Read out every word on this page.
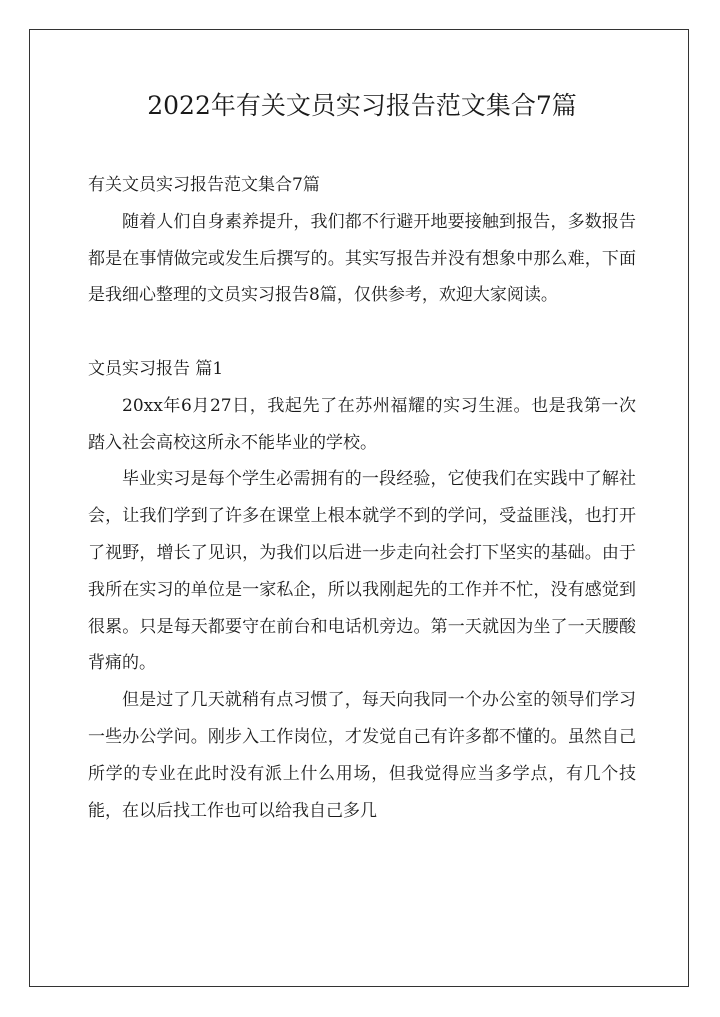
2022年有关文员实习报告范文集合7篇

有关文员实习报告范文集合7篇

随着人们自身素养提升，我们都不行避开地要接触到报告，多数报告都是在事情做完或发生后撰写的。其实写报告并没有想象中那么难，下面是我细心整理的文员实习报告8篇，仅供参考，欢迎大家阅读。

文员实习报告 篇1

20xx年6月27日，我起先了在苏州福耀的实习生涯。也是我第一次踏入社会高校这所永不能毕业的学校。

毕业实习是每个学生必需拥有的一段经验，它使我们在实践中了解社会，让我们学到了许多在课堂上根本就学不到的学问，受益匪浅，也打开了视野，增长了见识，为我们以后进一步走向社会打下坚实的基础。由于我所在实习的单位是一家私企，所以我刚起先的工作并不忙，没有感觉到很累。只是每天都要守在前台和电话机旁边。第一天就因为坐了一天腰酸背痛的。

但是过了几天就稍有点习惯了，每天向我同一个办公室的领导们学习一些办公学问。刚步入工作岗位，才发觉自己有许多都不懂的。虽然自己所学的专业在此时没有派上什么用场，但我觉得应当多学点，有几个技能，在以后找工作也可以给我自己多几
